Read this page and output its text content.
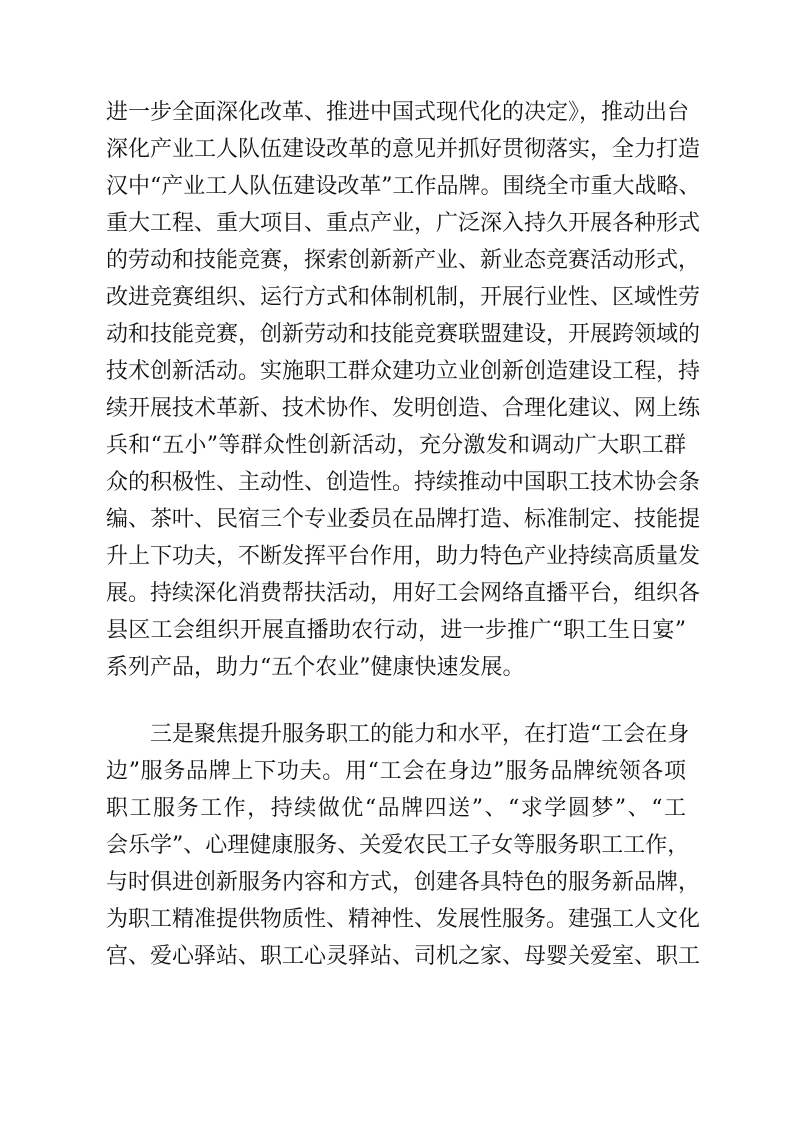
进一步全面深化改革、推进中国式现代化的决定》，推动出台
深化产业工人队伍建设改革的意见并抓好贯彻落实，全力打造
汉中“产业工人队伍建设改革”工作品牌。围绕全市重大战略、
重大工程、重大项目、重点产业，广泛深入持久开展各种形式
的劳动和技能竞赛，探索创新新产业、新业态竞赛活动形式，
改进竞赛组织、运行方式和体制机制，开展行业性、区域性劳
动和技能竞赛，创新劳动和技能竞赛联盟建设，开展跨领域的
技术创新活动。实施职工群众建功立业创新创造建设工程，持
续开展技术革新、技术协作、发明创造、合理化建议、网上练
兵和“五小”等群众性创新活动，充分激发和调动广大职工群
众的积极性、主动性、创造性。持续推动中国职工技术协会条
编、茶叶、民宿三个专业委员在品牌打造、标准制定、技能提
升上下功夫，不断发挥平台作用，助力特色产业持续高质量发
展。持续深化消费帮扶活动，用好工会网络直播平台，组织各
县区工会组织开展直播助农行动，进一步推广“职工生日宴”
系列产品，助力“五个农业”健康快速发展。
三是聚焦提升服务职工的能力和水平，在打造“工会在身
边”服务品牌上下功夫。用“工会在身边”服务品牌统领各项
职工服务工作，持续做优“品牌四送”、“求学圆梦”、“工
会乐学”、心理健康服务、关爱农民工子女等服务职工工作，
与时俱进创新服务内容和方式，创建各具特色的服务新品牌，
为职工精准提供物质性、精神性、发展性服务。建强工人文化
宫、爱心驿站、职工心灵驿站、司机之家、母婴关爱室、职工
